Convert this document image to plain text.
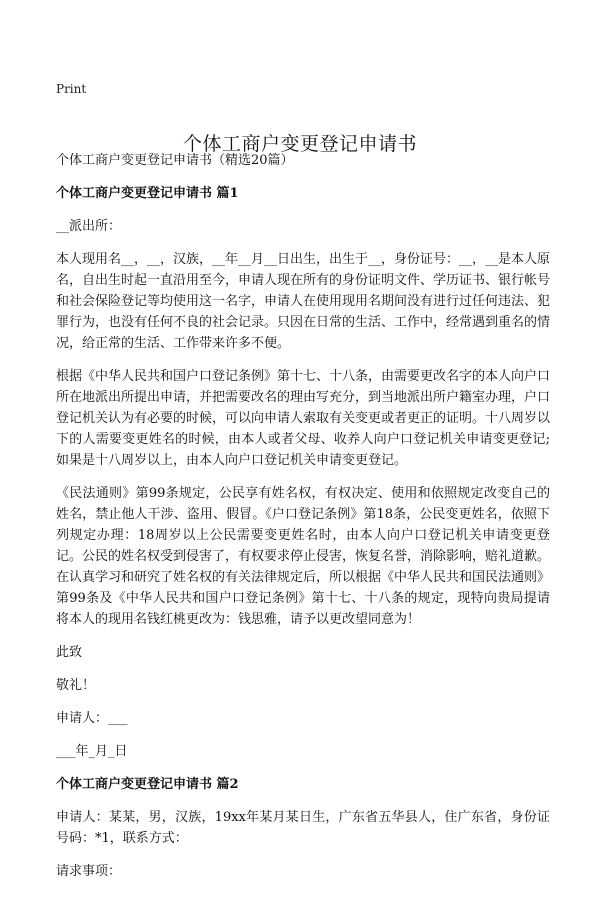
Print
个体工商户变更登记申请书

个体工商户变更登记申请书（精选20篇）

个体工商户变更登记申请书 篇1

__派出所：

本人现用名__，__，汉族，__年__月__日出生，出生于__，身份证号：__，__是本人原名，自出生时起一直沿用至今，申请人现在所有的身份证明文件、学历证书、银行帐号和社会保险登记等均使用这一名字，申请人在使用现用名期间没有进行过任何违法、犯罪行为，也没有任何不良的社会记录。只因在日常的生活、工作中，经常遇到重名的情况，给正常的生活、工作带来许多不便。

根据《中华人民共和国户口登记条例》第十七、十八条，由需要更改名字的本人向户口所在地派出所提出申请，并把需要改名的理由写充分，到当地派出所户籍室办理，户口登记机关认为有必要的时候，可以向申请人索取有关变更或者更正的证明。十八周岁以下的人需要变更姓名的时候，由本人或者父母、收养人向户口登记机关申请变更登记;如果是十八周岁以上，由本人向户口登记机关申请变更登记。

《民法通则》第99条规定，公民享有姓名权，有权决定、使用和依照规定改变自己的姓名，禁止他人干涉、盗用、假冒。《户口登记条例》第18条，公民变更姓名，依照下列规定办理：18周岁以上公民需要变更姓名时，由本人向户口登记机关申请变更登记。公民的姓名权受到侵害了，有权要求停止侵害，恢复名誉，消除影响，赔礼道歉。在认真学习和研究了姓名权的有关法律规定后，所以根据《中华人民共和国民法通则》第99条及《中华人民共和国户口登记条例》第十七、十八条的规定，现特向贵局提请将本人的现用名钱红桃更改为：钱思雅，请予以更改望同意为！

此致

敬礼！

申请人：___

___年_月_日

个体工商户变更登记申请书 篇2

申请人：某某，男，汉族，19xx年某月某日生，广东省五华县人，住广东省，身份证号码：*1，联系方式：

请求事项：
